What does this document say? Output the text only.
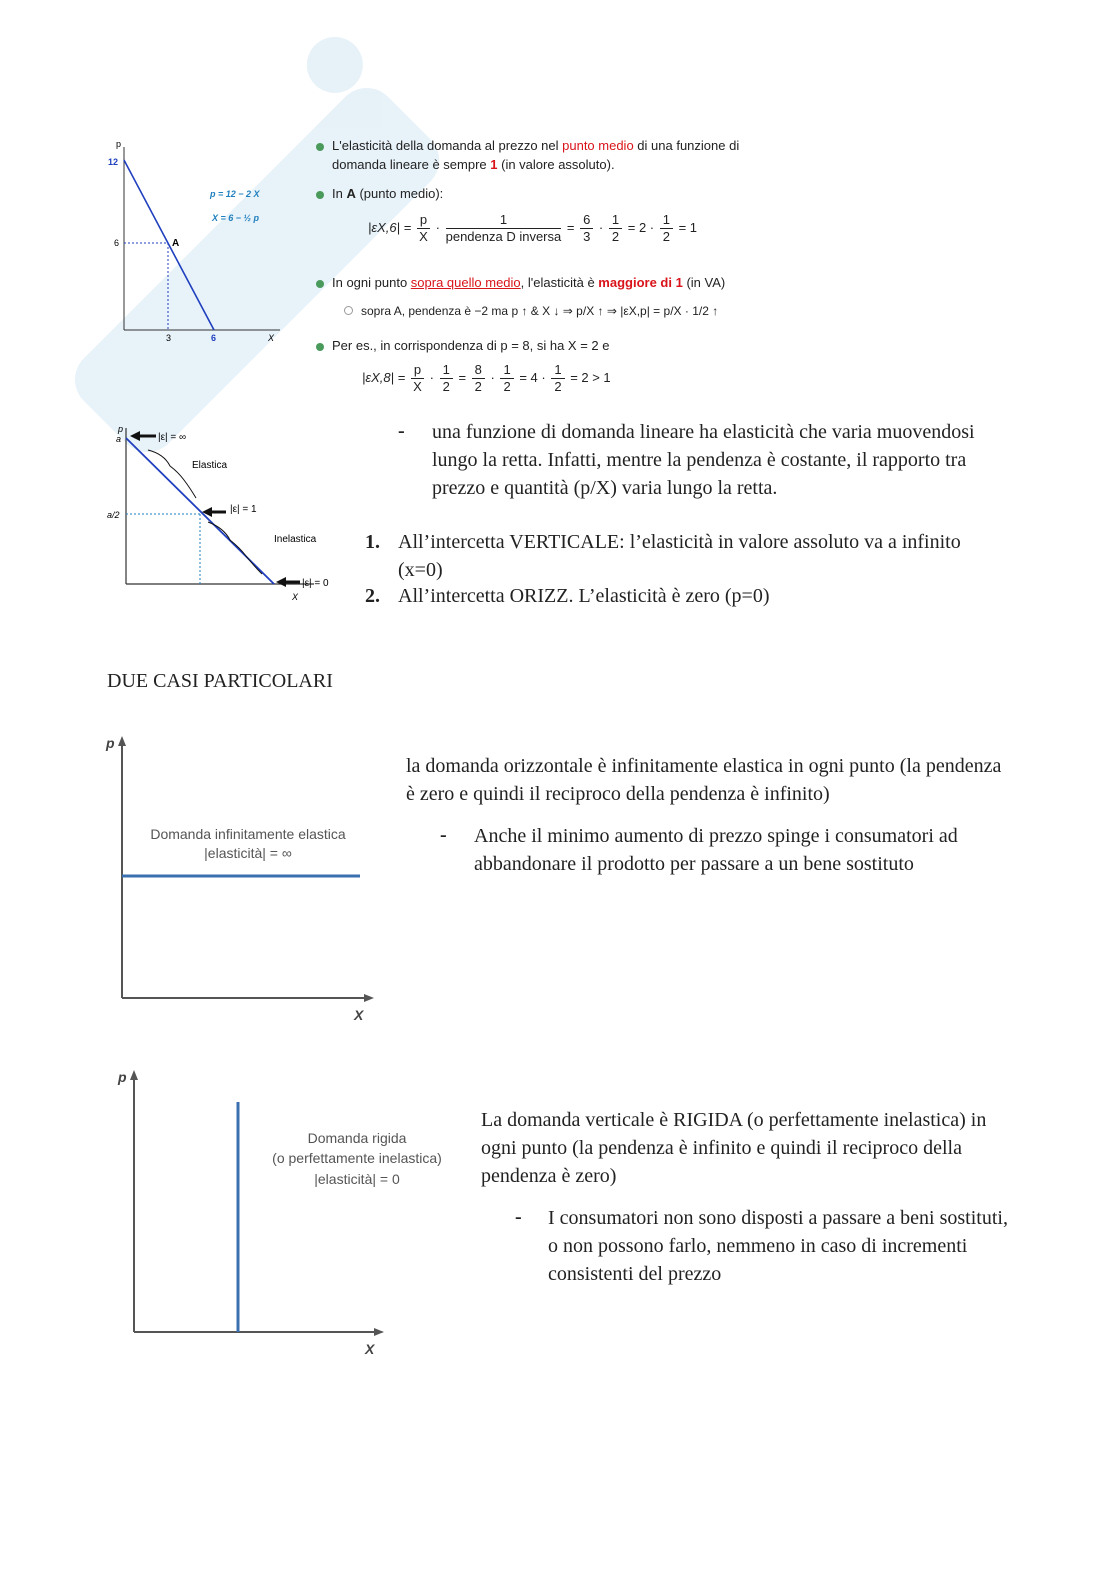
p
12
6
3	6	X
A
p = 12 − 2 X
X = 6 − ½ p
L'elasticità della domanda al prezzo nel punto medio di una funzione di
domanda lineare è sempre 1 (in valore assoluto).
In A (punto medio):
$|\varepsilon X,6| = \frac{p}{X} \cdot \frac{1}{\text{pendenza D inversa}} = \frac{6}{3} \cdot \frac{1}{2} = 2 \cdot \frac{1}{2} = 1$
In ogni punto sopra quello medio, l'elasticità è maggiore di 1 (in VA)
sopra A, pendenza è −2 ma p ↑ & X ↓ ⇒ p/X ↑ ⇒ |εX,p| = p/X · 1/2 ↑
Per es., in corrispondenza di p = 8, si ha X = 2 e
$|\varepsilon X,8| = \frac{p}{X} \cdot \frac{1}{2} = \frac{8}{2} \cdot \frac{1}{2} = 4 \cdot \frac{1}{2} = 2 > 1$
p
a
a/2
X
|ε| = ∞
|ε| = 1
|ε| = 0
Elastica
Inelastica
- una funzione di domanda lineare ha elasticità che varia muovendosi lungo la retta. Infatti, mentre la pendenza è costante, il rapporto tra prezzo e quantità (p/X) varia lungo la retta.
1. All’intercetta VERTICALE: l’elasticità in valore assoluto va a infinito (x=0)
2. All’intercetta ORIZZ. L’elasticità è zero (p=0)
DUE CASI PARTICOLARI
p
X
Domanda infinitamente elastica
|elasticità| = ∞
la domanda orizzontale è infinitamente elastica in ogni punto (la pendenza è zero e quindi il reciproco della pendenza è infinito)
- Anche il minimo aumento di prezzo spinge i consumatori ad abbandonare il prodotto per passare a un bene sostituto
p
X
Domanda rigida
(o perfettamente inelastica)
|elasticità| = 0
La domanda verticale è RIGIDA (o perfettamente inelastica) in ogni punto (la pendenza è infinito e quindi il reciproco della pendenza è zero)
- I consumatori non sono disposti a passare a beni sostituti, o non possono farlo, nemmeno in caso di incrementi consistenti del prezzo
